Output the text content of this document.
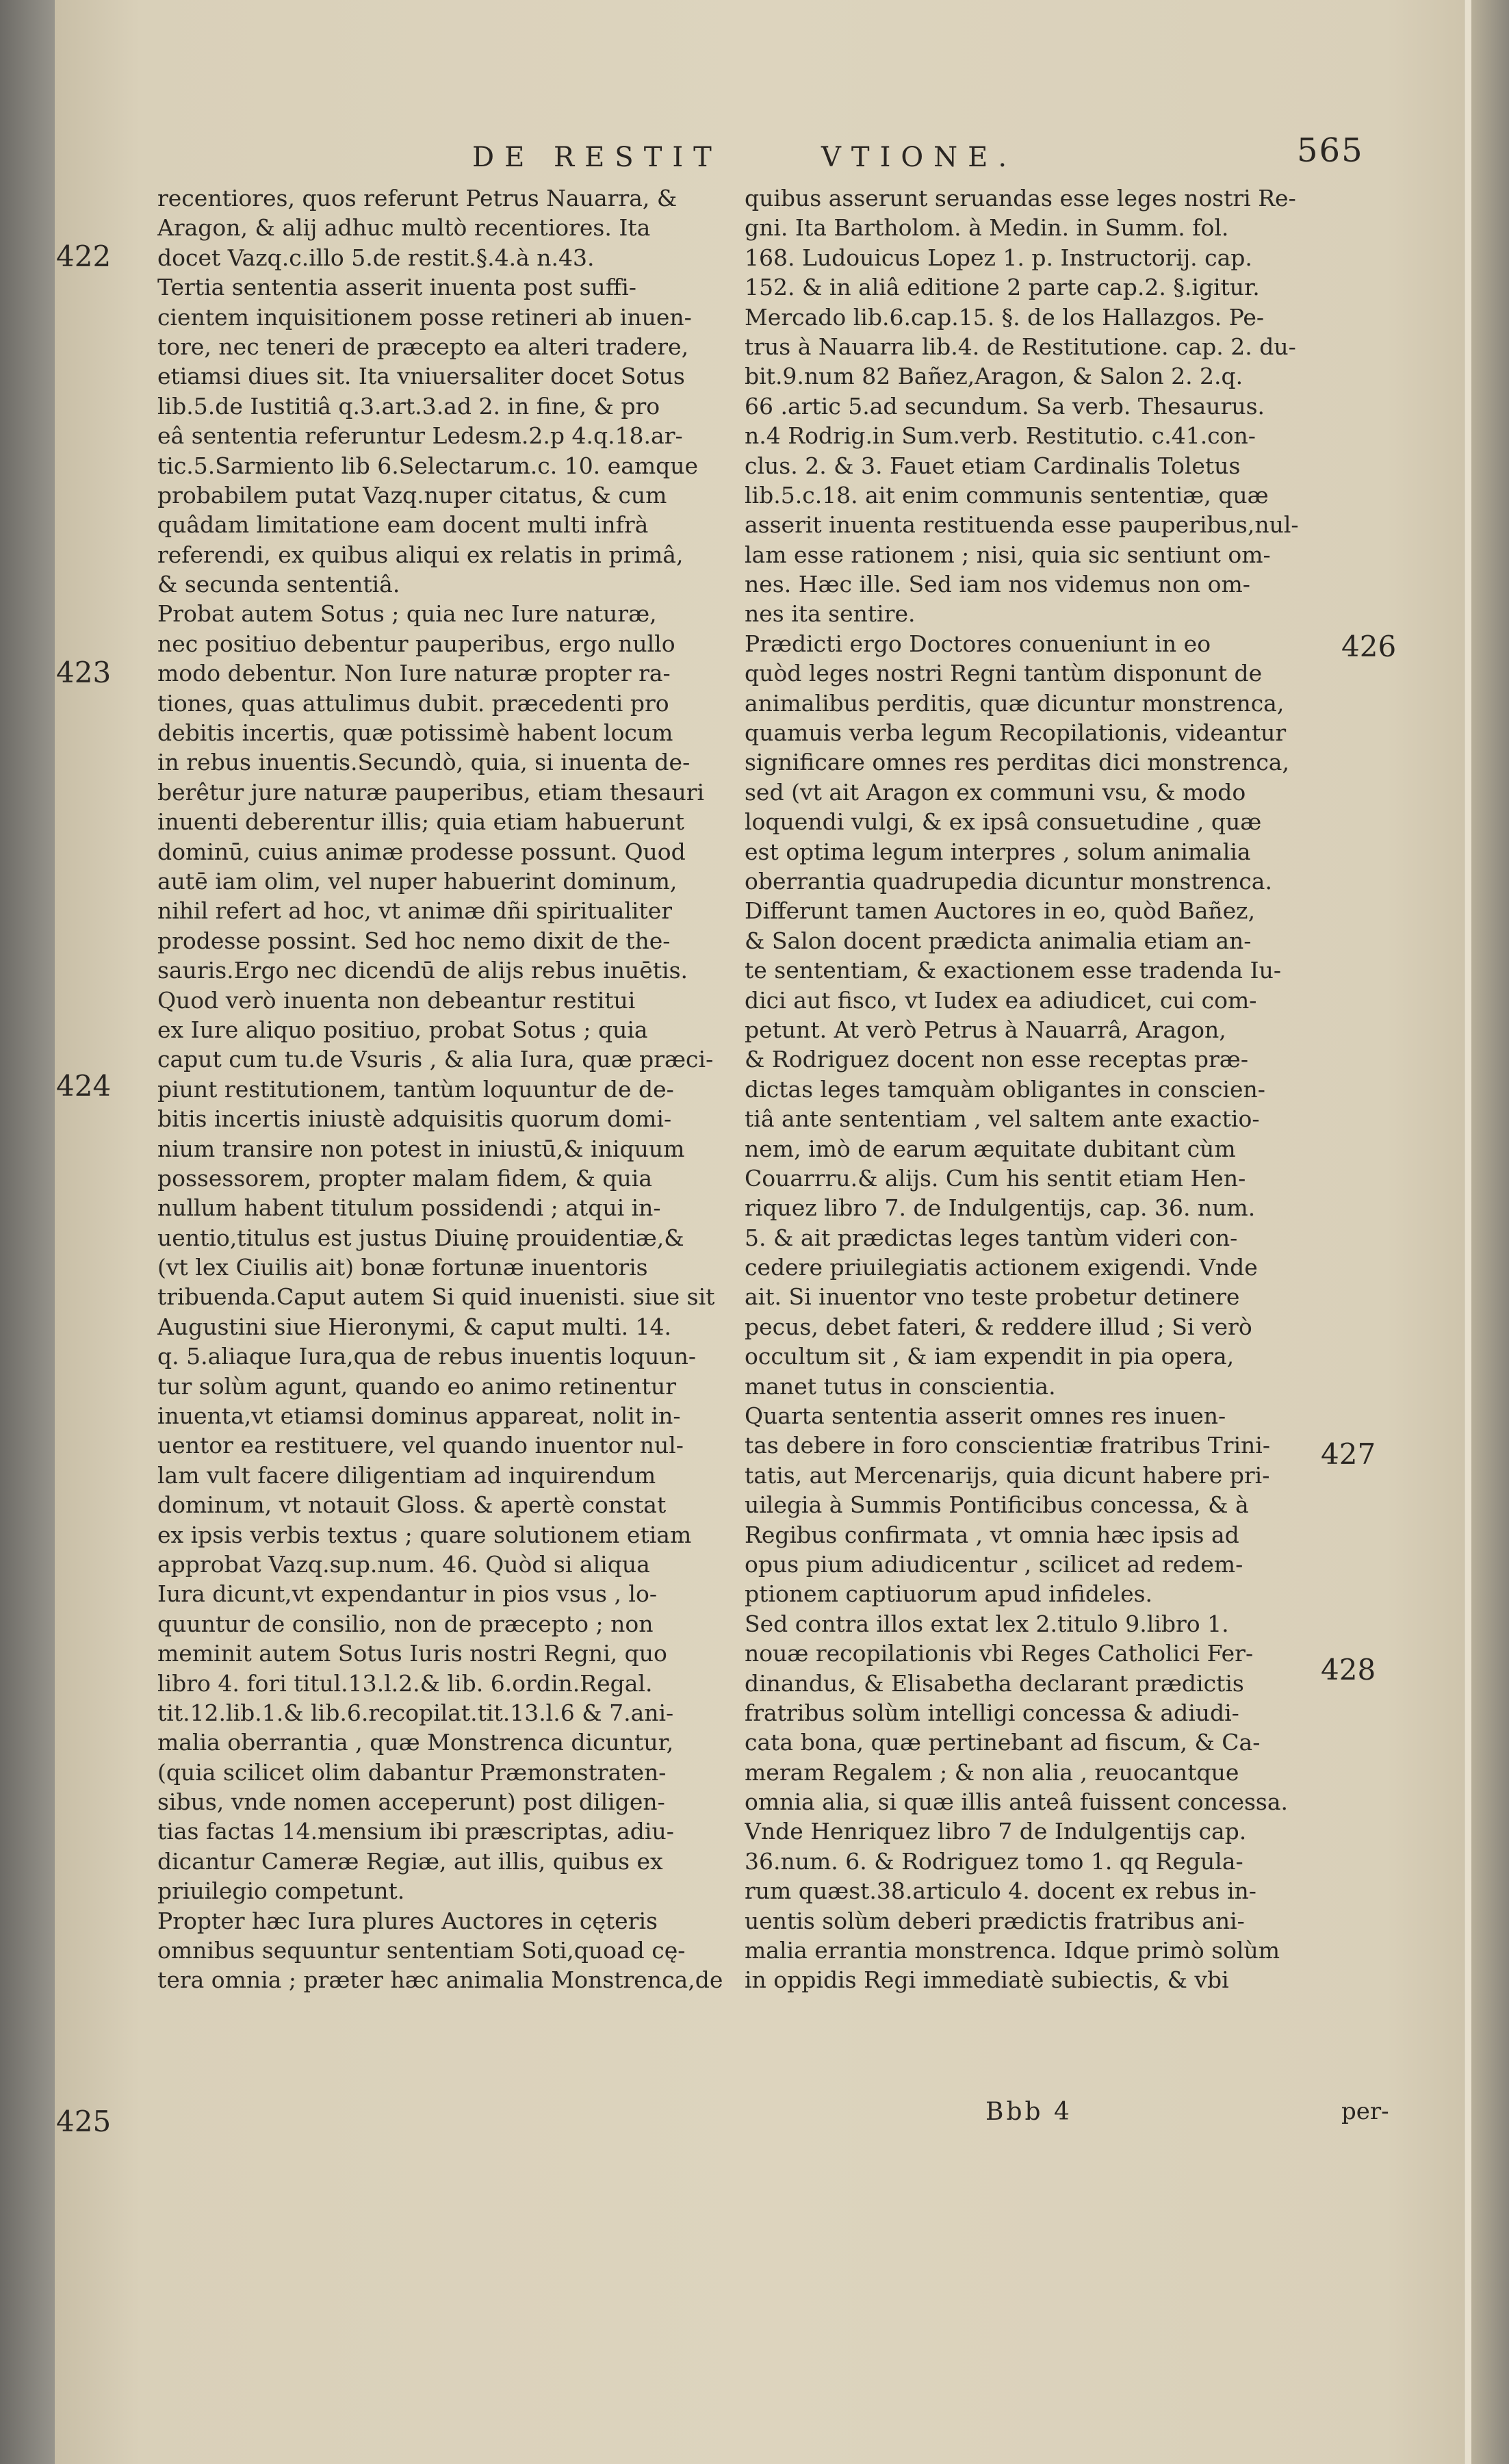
DE RESTIT	VTIONE.	565
recentiores, quos referunt Petrus Nauarra, &
Aragon, & alij adhuc multò recentiores. Ita
docet Vazq.c.illo 5.de restit.§.4.à n.43.
Tertia sententia asserit inuenta post suffi-
cientem inquisitionem posse retineri ab inuen-
tore, nec teneri de præcepto ea alteri tradere,
etiamsi diues sit. Ita vniuersaliter docet Sotus
lib.5.de Iustitiâ q.3.art.3.ad 2. in fine, & pro
eâ sententia referuntur Ledesm.2.p 4.q.18.ar-
tic.5.Sarmiento lib 6.Selectarum.c. 10. eamque
probabilem putat Vazq.nuper citatus, & cum
quâdam limitatione eam docent multi infrà
referendi, ex quibus aliqui ex relatis in primâ,
& secunda sententiâ.
Probat autem Sotus ; quia nec Iure naturæ,
nec positiuo debentur pauperibus, ergo nullo
modo debentur. Non Iure naturæ propter ra-
tiones, quas attulimus dubit. præcedenti pro
debitis incertis, quæ potissimè habent locum
in rebus inuentis.Secundò, quia, si inuenta de-
berêtur jure naturæ pauperibus, etiam thesauri
inuenti deberentur illis; quia etiam habuerunt
dominū, cuius animæ prodesse possunt. Quod
autē iam olim, vel nuper habuerint dominum,
nihil refert ad hoc, vt animæ dñi spiritualiter
prodesse possint. Sed hoc nemo dixit de the-
sauris.Ergo nec dicendū de alijs rebus inuētis.
Quod verò inuenta non debeantur restitui
ex Iure aliquo positiuo, probat Sotus ; quia
caput cum tu.de Vsuris , & alia Iura, quæ præci-
piunt restitutionem, tantùm loquuntur de de-
bitis incertis iniustè adquisitis quorum domi-
nium transire non potest in iniustū,& iniquum
possessorem, propter malam fidem, & quia
nullum habent titulum possidendi ; atqui in-
uentio,titulus est justus Diuinę prouidentiæ,&
(vt lex Ciuilis ait) bonæ fortunæ inuentoris
tribuenda.Caput autem Si quid inuenisti. siue sit
Augustini siue Hieronymi, & caput multi. 14.
q. 5.aliaque Iura,qua de rebus inuentis loquun-
tur solùm agunt, quando eo animo retinentur
inuenta,vt etiamsi dominus appareat, nolit in-
uentor ea restituere, vel quando inuentor nul-
lam vult facere diligentiam ad inquirendum
dominum, vt notauit Gloss. & apertè constat
ex ipsis verbis textus ; quare solutionem etiam
approbat Vazq.sup.num. 46. Quòd si aliqua
Iura dicunt,vt expendantur in pios vsus , lo-
quuntur de consilio, non de præcepto ; non
meminit autem Sotus Iuris nostri Regni, quo
libro 4. fori titul.13.l.2.& lib. 6.ordin.Regal.
tit.12.lib.1.& lib.6.recopilat.tit.13.l.6 & 7.ani-
malia oberrantia , quæ Monstrenca dicuntur,
(quia scilicet olim dabantur Præmonstraten-
sibus, vnde nomen acceperunt) post diligen-
tias factas 14.mensium ibi præscriptas, adiu-
dicantur Cameræ Regiæ, aut illis, quibus ex
priuilegio competunt.
Propter hæc Iura plures Auctores in cęteris
omnibus sequuntur sententiam Soti,quoad cę-
tera omnia ; præter hæc animalia Monstrenca,de
quibus asserunt seruandas esse leges nostri Re-
gni. Ita Bartholom. à Medin. in Summ. fol.
168. Ludouicus Lopez 1. p. Instructorij. cap.
152. & in aliâ editione 2 parte cap.2. §.igitur.
Mercado lib.6.cap.15. §. de los Hallazgos. Pe-
trus à Nauarra lib.4. de Restitutione. cap. 2. du-
bit.9.num 82 Bañez,Aragon, & Salon 2. 2.q.
66 .artic 5.ad secundum. Sa verb. Thesaurus.
n.4 Rodrig.in Sum.verb. Restitutio. c.41.con-
clus. 2. & 3. Fauet etiam Cardinalis Toletus
lib.5.c.18. ait enim communis sententiæ, quæ
asserit inuenta restituenda esse pauperibus,nul-
lam esse rationem ; nisi, quia sic sentiunt om-
nes. Hæc ille. Sed iam nos videmus non om-
nes ita sentire.
Prædicti ergo Doctores conueniunt in eo
quòd leges nostri Regni tantùm disponunt de
animalibus perditis, quæ dicuntur monstrenca,
quamuis verba legum Recopilationis, videantur
significare omnes res perditas dici monstrenca,
sed (vt ait Aragon ex communi vsu, & modo
loquendi vulgi, & ex ipsâ consuetudine , quæ
est optima legum interpres , solum animalia
oberrantia quadrupedia dicuntur monstrenca.
Differunt tamen Auctores in eo, quòd Bañez,
& Salon docent prædicta animalia etiam an-
te sententiam, & exactionem esse tradenda Iu-
dici aut fisco, vt Iudex ea adiudicet, cui com-
petunt. At verò Petrus à Nauarrâ, Aragon,
& Rodriguez docent non esse receptas præ-
dictas leges tamquàm obligantes in conscien-
tiâ ante sententiam , vel saltem ante exactio-
nem, imò de earum æquitate dubitant cùm
Couarrru.& alijs. Cum his sentit etiam Hen-
riquez libro 7. de Indulgentijs, cap. 36. num.
5. & ait prædictas leges tantùm videri con-
cedere priuilegiatis actionem exigendi. Vnde
ait. Si inuentor vno teste probetur detinere
pecus, debet fateri, & reddere illud ; Si verò
occultum sit , & iam expendit in pia opera,
manet tutus in conscientia.
Quarta sententia asserit omnes res inuen-
tas debere in foro conscientiæ fratribus Trini-
tatis, aut Mercenarijs, quia dicunt habere pri-
uilegia à Summis Pontificibus concessa, & à
Regibus confirmata , vt omnia hæc ipsis ad
opus pium adiudicentur , scilicet ad redem-
ptionem captiuorum apud infideles.
Sed contra illos extat lex 2.titulo 9.libro 1.
nouæ recopilationis vbi Reges Catholici Fer-
dinandus, & Elisabetha declarant prædictis
fratribus solùm intelligi concessa & adiudi-
cata bona, quæ pertinebant ad fiscum, & Ca-
meram Regalem ; & non alia , reuocantque
omnia alia, si quæ illis anteâ fuissent concessa.
Vnde Henriquez libro 7 de Indulgentijs cap.
36.num. 6. & Rodriguez tomo 1. qq Regula-
rum quæst.38.articulo 4. docent ex rebus in-
uentis solùm deberi prædictis fratribus ani-
malia errantia monstrenca. Idque primò solùm
in oppidis Regi immediatè subiectis, & vbi
422
423
424
425
426
427
428
Bbb 4	per-
